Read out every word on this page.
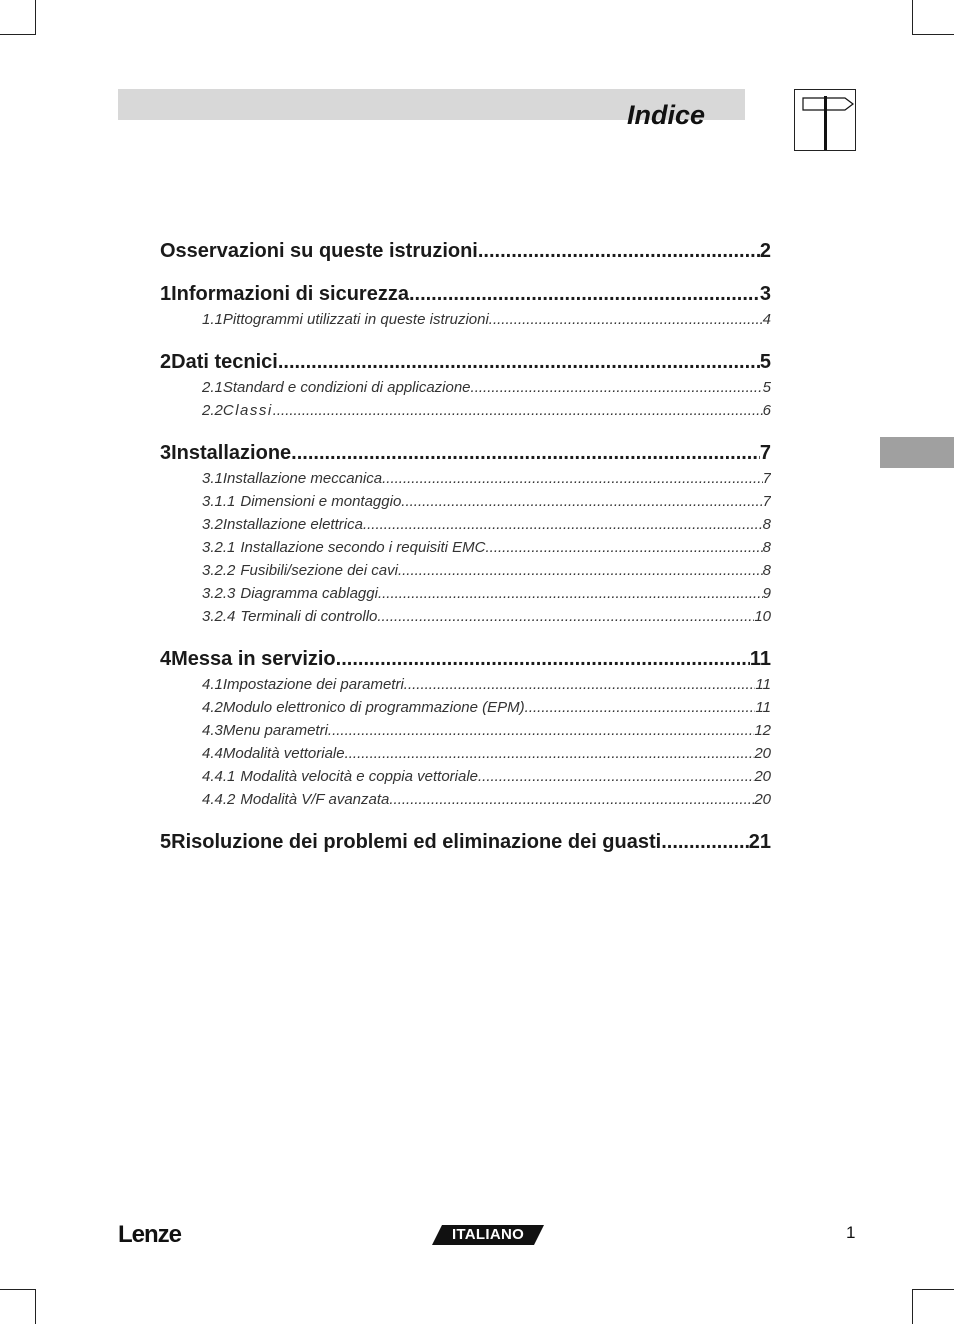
Indice
Osservazioni su queste istruzioni .....	2
1 Informazioni di sicurezza .....	3
1.1 Pittogrammi utilizzati in queste istruzioni .....	4
2 Dati tecnici .....	5
2.1 Standard e condizioni di applicazione .....	5
2.2 Classi .....	6
3 Installazione .....	7
3.1 Installazione meccanica .....	7
3.1.1 Dimensioni e montaggio .....	7
3.2 Installazione elettrica .....	8
3.2.1 Installazione secondo i requisiti EMC .....	8
3.2.2 Fusibili/sezione dei cavi .....	8
3.2.3 Diagramma cablaggi .....	9
3.2.4 Terminali di controllo .....	10
4 Messa in servizio .....	11
4.1 Impostazione dei parametri .....	11
4.2 Modulo elettronico di programmazione (EPM) .....	11
4.3 Menu parametri .....	12
4.4 Modalità vettoriale .....	20
4.4.1 Modalità velocità e coppia vettoriale .....	20
4.4.2 Modalità V/F avanzata .....	20
5 Risoluzione dei problemi ed eliminazione dei guasti .....	21
Lenze	ITALIANO	1
